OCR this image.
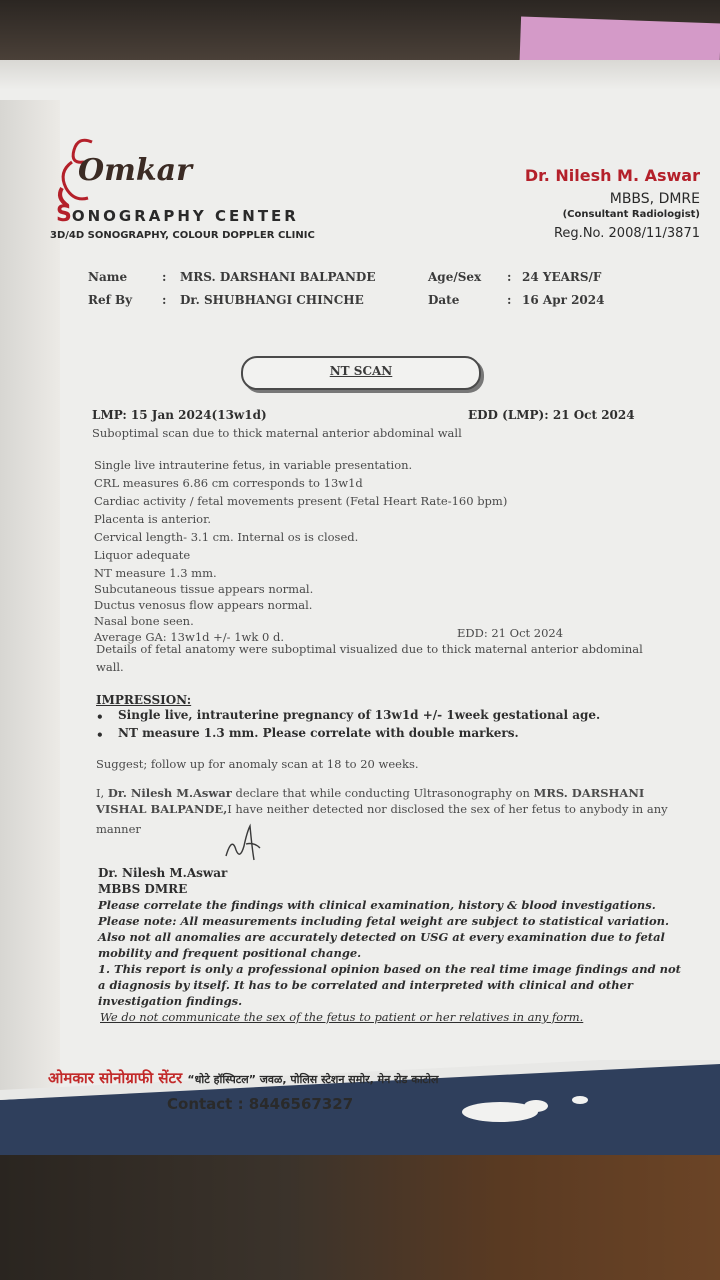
Omkar
SONOGRAPHY CENTER
3D/4D SONOGRAPHY, COLOUR DOPPLER CLINIC
Dr. Nilesh M. Aswar
MBBS, DMRE
(Consultant Radiologist)
Reg.No. 2008/11/3871
Name	: MRS. DARSHANI BALPANDE	Age/Sex : 24 YEARS/F
Ref By : Dr. SHUBHANGI CHINCHE	Date	: 16 Apr 2024
NT SCAN
LMP: 15 Jan 2024(13w1d)	EDD (LMP): 21 Oct 2024
Suboptimal scan due to thick maternal anterior abdominal wall
Single live intrauterine fetus, in variable presentation.
CRL measures 6.86 cm corresponds to 13w1d
Cardiac activity / fetal movements present (Fetal Heart Rate-160 bpm)
Placenta is anterior.
Cervical length- 3.1 cm. Internal os is closed.
Liquor adequate
NT measure 1.3 mm.
Subcutaneous tissue appears normal.
Ductus venosus flow appears normal.
Nasal bone seen.
Average GA: 13w1d +/- 1wk 0 d.	EDD: 21 Oct 2024
Details of fetal anatomy were suboptimal visualized due to thick maternal anterior abdominal
wall.
IMPRESSION:
• Single live, intrauterine pregnancy of 13w1d +/- 1week gestational age.
• NT measure 1.3 mm. Please correlate with double markers.
Suggest; follow up for anomaly scan at 18 to 20 weeks.
I, Dr. Nilesh M.Aswar declare that while conducting Ultrasonography on MRS. DARSHANI
VISHAL BALPANDE,I have neither detected nor disclosed the sex of her fetus to anybody in any
manner
Dr. Nilesh M.Aswar
MBBS DMRE
Please correlate the findings with clinical examination, history & blood investigations.
Please note: All measurements including fetal weight are subject to statistical variation.
Also not all anomalies are accurately detected on USG at every examination due to fetal
mobility and frequent positional change.
1. This report is only a professional opinion based on the real time image findings and not
a diagnosis by itself. It has to be correlated and interpreted with clinical and other
investigation findings.
We do not communicate the sex of the fetus to patient or her relatives in any form.
ओमकार सोनोग्राफी सेंटर “धोटे हॉस्पिटल” जवळ, पोलिस स्टेशन समोर, मेन रोड काटोल
Contact : 8446567327
